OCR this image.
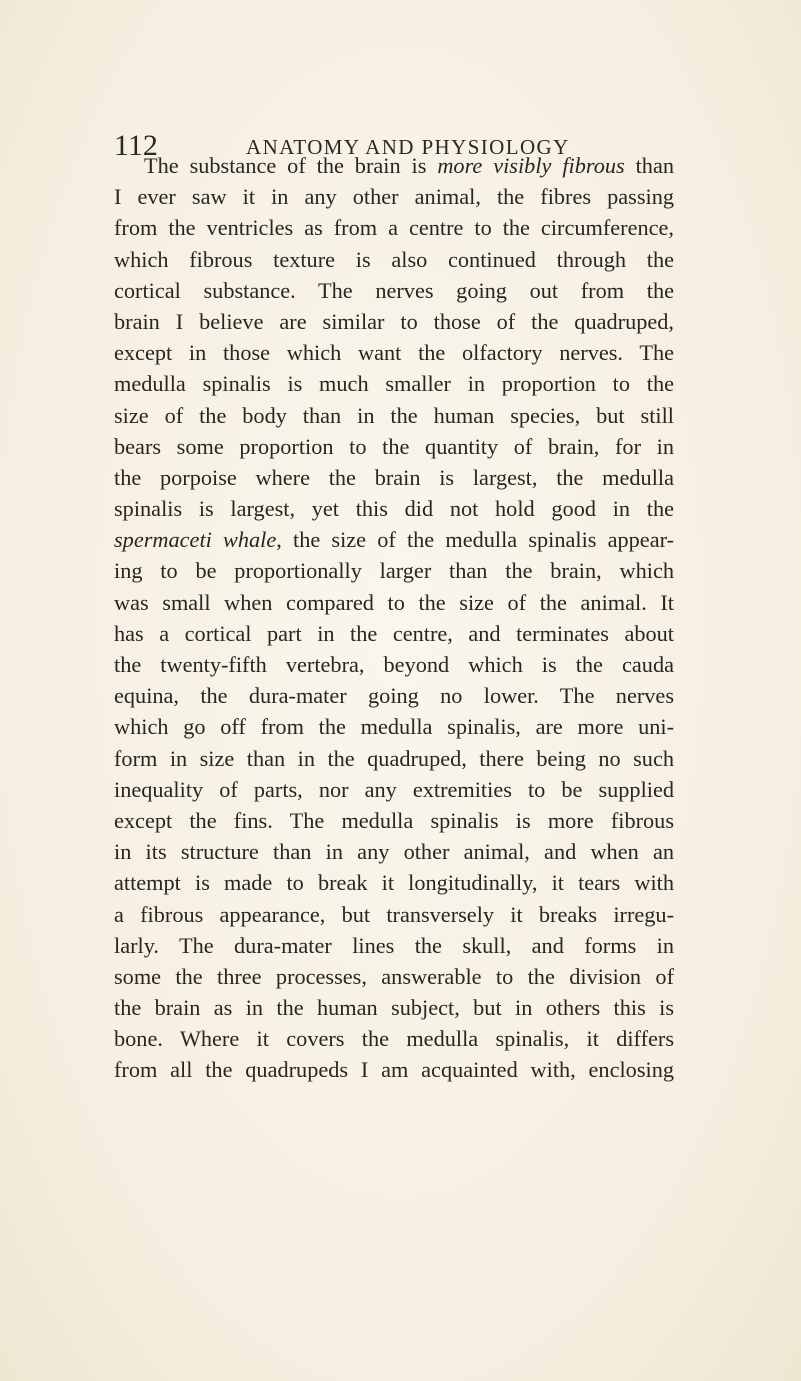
112	ANATOMY AND PHYSIOLOGY
The substance of the brain is more visibly fibrous than
I ever saw it in any other animal, the fibres passing
from the ventricles as from a centre to the circumference,
which fibrous texture is also continued through the
cortical substance. The nerves going out from the
brain I believe are similar to those of the quadruped,
except in those which want the olfactory nerves. The
medulla spinalis is much smaller in proportion to the
size of the body than in the human species, but still
bears some proportion to the quantity of brain, for in
the porpoise where the brain is largest, the medulla
spinalis is largest, yet this did not hold good in the
spermaceti whale, the size of the medulla spinalis appear-
ing to be proportionally larger than the brain, which
was small when compared to the size of the animal. It
has a cortical part in the centre, and terminates about
the twenty-fifth vertebra, beyond which is the cauda
equina, the dura-mater going no lower. The nerves
which go off from the medulla spinalis, are more uni-
form in size than in the quadruped, there being no such
inequality of parts, nor any extremities to be supplied
except the fins. The medulla spinalis is more fibrous
in its structure than in any other animal, and when an
attempt is made to break it longitudinally, it tears with
a fibrous appearance, but transversely it breaks irregu-
larly. The dura-mater lines the skull, and forms in
some the three processes, answerable to the division of
the brain as in the human subject, but in others this is
bone. Where it covers the medulla spinalis, it differs
from all the quadrupeds I am acquainted with, enclosing
